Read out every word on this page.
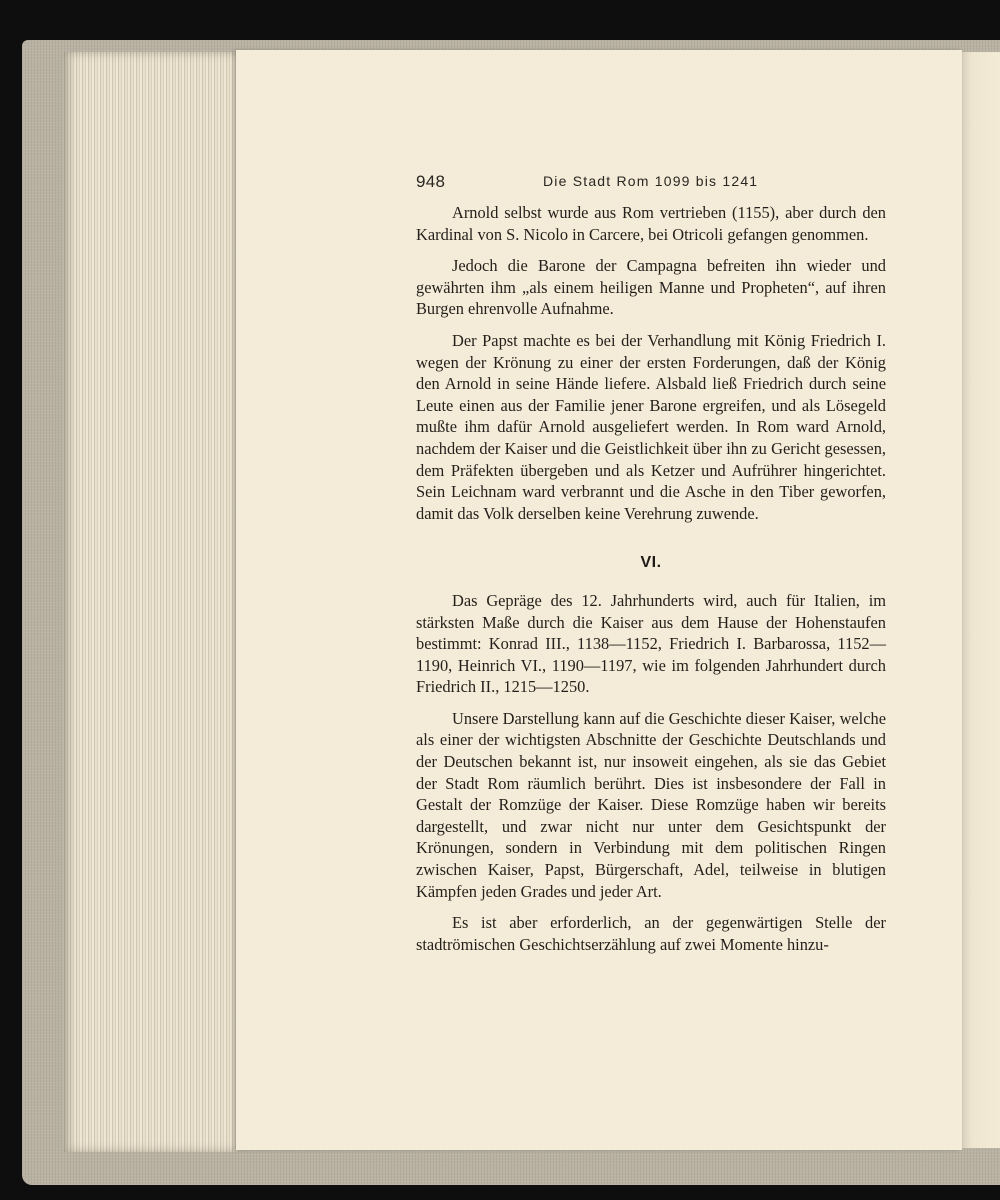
948	Die Stadt Rom 1099 bis 1241

Arnold selbst wurde aus Rom vertrieben (1155), aber durch den Kardinal von S. Nicolo in Carcere, bei Otricoli gefangen genommen.

Jedoch die Barone der Campagna befreiten ihn wieder und gewährten ihm „als einem heiligen Manne und Propheten“, auf ihren Burgen ehrenvolle Aufnahme.

Der Papst machte es bei der Verhandlung mit König Friedrich I. wegen der Krönung zu einer der ersten Forderungen, daß der König den Arnold in seine Hände liefere. Alsbald ließ Friedrich durch seine Leute einen aus der Familie jener Barone ergreifen, und als Lösegeld mußte ihm dafür Arnold ausgeliefert werden. In Rom ward Arnold, nachdem der Kaiser und die Geistlichkeit über ihn zu Gericht gesessen, dem Präfekten übergeben und als Ketzer und Aufrührer hingerichtet. Sein Leichnam ward verbrannt und die Asche in den Tiber geworfen, damit das Volk derselben keine Verehrung zuwende.

VI.

Das Gepräge des 12. Jahrhunderts wird, auch für Italien, im stärksten Maße durch die Kaiser aus dem Hause der Hohenstaufen bestimmt: Konrad III., 1138—1152, Friedrich I. Barbarossa, 1152—1190, Heinrich VI., 1190—1197, wie im folgenden Jahrhundert durch Friedrich II., 1215—1250.

Unsere Darstellung kann auf die Geschichte dieser Kaiser, welche als einer der wichtigsten Abschnitte der Geschichte Deutschlands und der Deutschen bekannt ist, nur insoweit eingehen, als sie das Gebiet der Stadt Rom räumlich berührt. Dies ist insbesondere der Fall in Gestalt der Romzüge der Kaiser. Diese Romzüge haben wir bereits dargestellt, und zwar nicht nur unter dem Gesichtspunkt der Krönungen, sondern in Verbindung mit dem politischen Ringen zwischen Kaiser, Papst, Bürgerschaft, Adel, teilweise in blutigen Kämpfen jeden Grades und jeder Art.

Es ist aber erforderlich, an der gegenwärtigen Stelle der stadtrömischen Geschichtserzählung auf zwei Momente hinzu-
